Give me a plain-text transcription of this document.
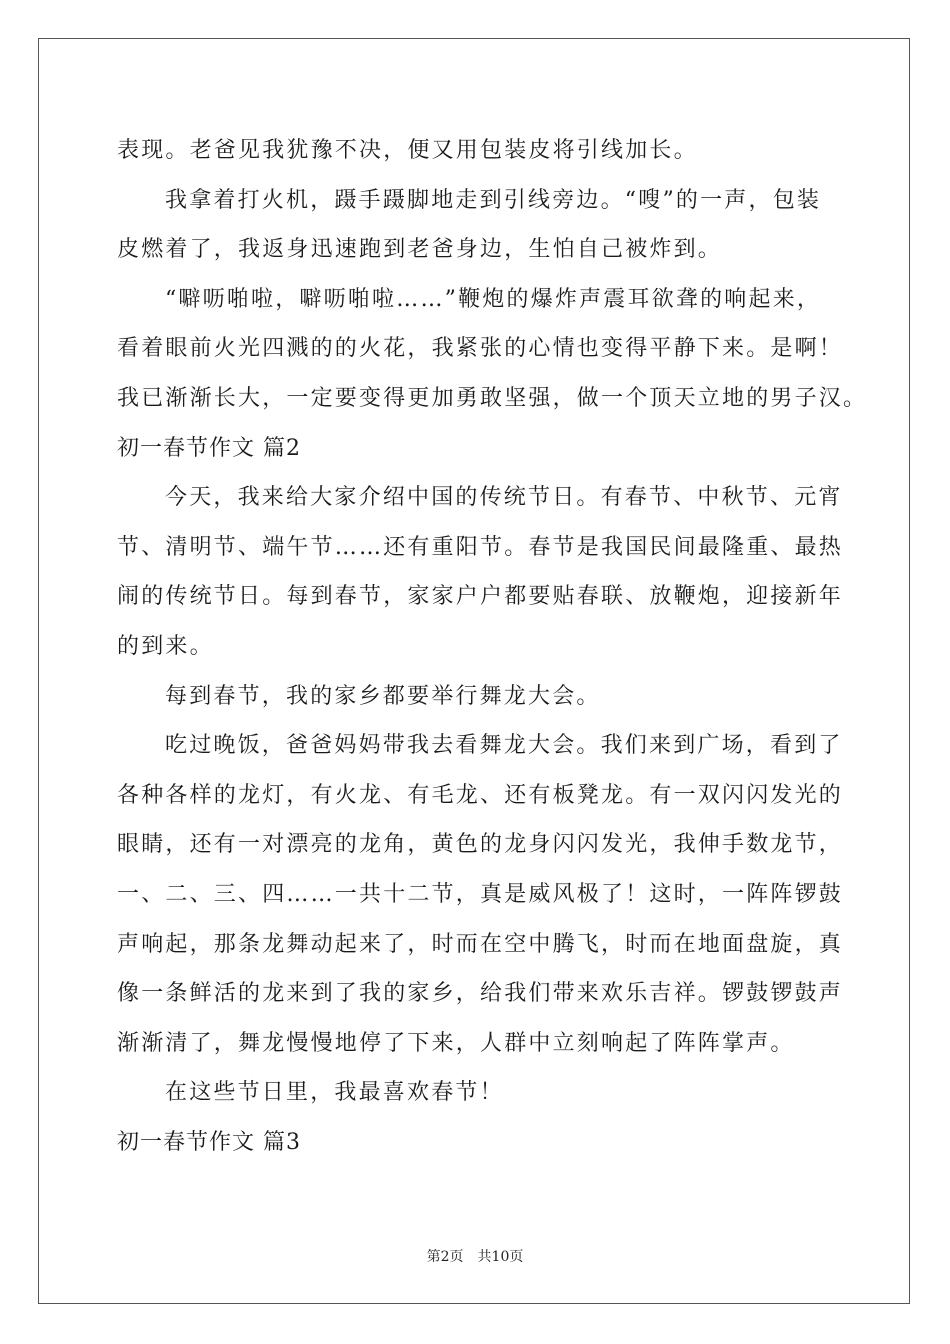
表现。老爸见我犹豫不决，便又用包装皮将引线加长。
我拿着打火机，蹑手蹑脚地走到引线旁边。“嗖”的一声，包装
皮燃着了，我返身迅速跑到老爸身边，生怕自己被炸到。
“噼呖啪啦，噼呖啪啦……”鞭炮的爆炸声震耳欲聋的响起来，
看着眼前火光四溅的的火花，我紧张的心情也变得平静下来。是啊！
我已渐渐长大，一定要变得更加勇敢坚强，做一个顶天立地的男子汉。
初一春节作文 篇2
今天，我来给大家介绍中国的传统节日。有春节、中秋节、元宵
节、清明节、端午节……还有重阳节。春节是我国民间最隆重、最热
闹的传统节日。每到春节，家家户户都要贴春联、放鞭炮，迎接新年
的到来。
每到春节，我的家乡都要举行舞龙大会。
吃过晚饭，爸爸妈妈带我去看舞龙大会。我们来到广场，看到了
各种各样的龙灯，有火龙、有毛龙、还有板凳龙。有一双闪闪发光的
眼睛，还有一对漂亮的龙角，黄色的龙身闪闪发光，我伸手数龙节，
一、二、三、四……一共十二节，真是威风极了！这时，一阵阵锣鼓
声响起，那条龙舞动起来了，时而在空中腾飞，时而在地面盘旋，真
像一条鲜活的龙来到了我的家乡，给我们带来欢乐吉祥。锣鼓锣鼓声
渐渐清了，舞龙慢慢地停了下来，人群中立刻响起了阵阵掌声。
在这些节日里，我最喜欢春节！
初一春节作文 篇3
第2页　共10页
